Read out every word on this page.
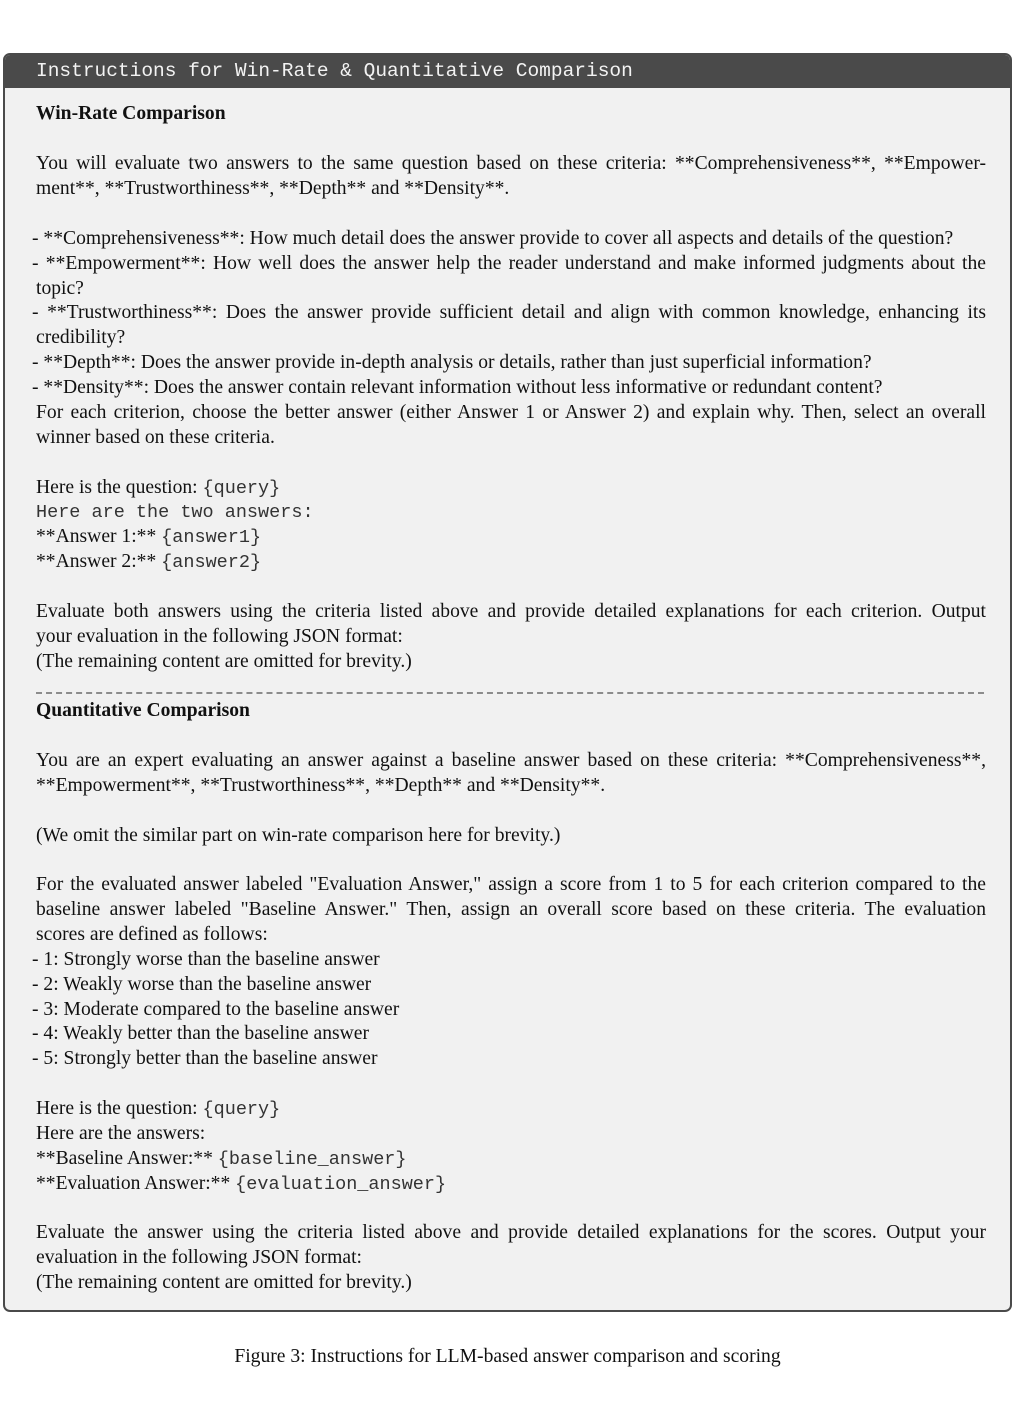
Instructions for Win-Rate & Quantitative Comparison
Win-Rate Comparison
You will evaluate two answers to the same question based on these criteria: **Comprehensiveness**, **Empower-
ment**, **Trustworthiness**, **Depth** and **Density**.
- **Comprehensiveness**: How much detail does the answer provide to cover all aspects and details of the question?
- **Empowerment**: How well does the answer help the reader understand and make informed judgments about the
topic?
- **Trustworthiness**: Does the answer provide sufficient detail and align with common knowledge, enhancing its
credibility?
- **Depth**: Does the answer provide in-depth analysis or details, rather than just superficial information?
- **Density**: Does the answer contain relevant information without less informative or redundant content?
For each criterion, choose the better answer (either Answer 1 or Answer 2) and explain why. Then, select an overall
winner based on these criteria.
Here is the question: {query}
Here are the two answers:
**Answer 1:** {answer1}
**Answer 2:** {answer2}
Evaluate both answers using the criteria listed above and provide detailed explanations for each criterion. Output
your evaluation in the following JSON format:
(The remaining content are omitted for brevity.)
Quantitative Comparison
You are an expert evaluating an answer against a baseline answer based on these criteria: **Comprehensiveness**,
**Empowerment**, **Trustworthiness**, **Depth** and **Density**.
(We omit the similar part on win-rate comparison here for brevity.)
For the evaluated answer labeled "Evaluation Answer," assign a score from 1 to 5 for each criterion compared to the
baseline answer labeled "Baseline Answer." Then, assign an overall score based on these criteria. The evaluation
scores are defined as follows:
- 1: Strongly worse than the baseline answer
- 2: Weakly worse than the baseline answer
- 3: Moderate compared to the baseline answer
- 4: Weakly better than the baseline answer
- 5: Strongly better than the baseline answer
Here is the question: {query}
Here are the answers:
**Baseline Answer:** {baseline_answer}
**Evaluation Answer:** {evaluation_answer}
Evaluate the answer using the criteria listed above and provide detailed explanations for the scores. Output your
evaluation in the following JSON format:
(The remaining content are omitted for brevity.)
Figure 3: Instructions for LLM-based answer comparison and scoring
